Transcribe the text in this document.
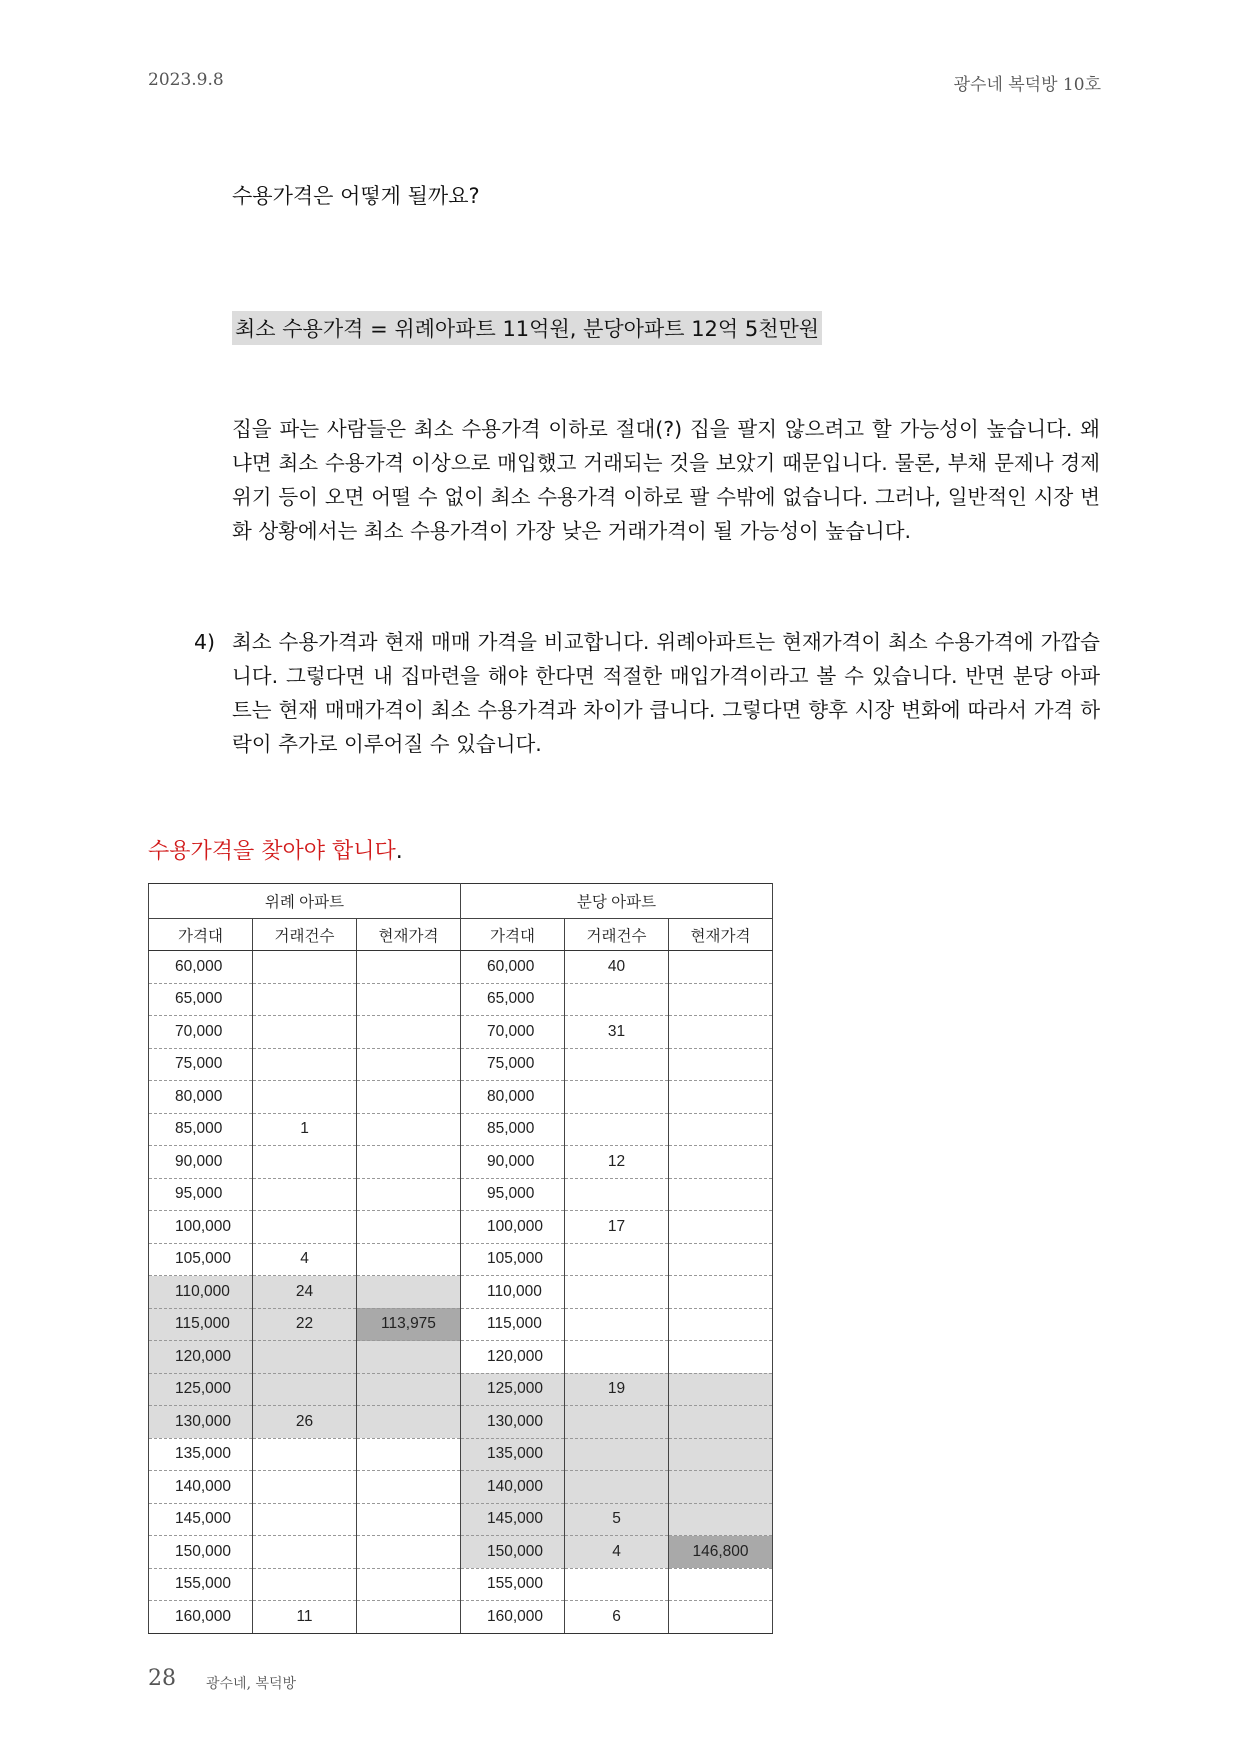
2023.9.8	광수네 복덕방 10호
수용가격은 어떻게 될까요?
최소 수용가격 = 위례아파트 11억원, 분당아파트 12억 5천만원
집을 파는 사람들은 최소 수용가격 이하로 절대(?) 집을 팔지 않으려고 할 가능성이 높습니다. 왜냐면 최소 수용가격 이상으로 매입했고 거래되는 것을 보았기 때문입니다. 물론, 부채 문제나 경제 위기 등이 오면 어떨 수 없이 최소 수용가격 이하로 팔 수밖에 없습니다. 그러나, 일반적인 시장 변화 상황에서는 최소 수용가격이 가장 낮은 거래가격이 될 가능성이 높습니다.
4) 최소 수용가격과 현재 매매 가격을 비교합니다. 위례아파트는 현재가격이 최소 수용가격에 가깝습니다. 그렇다면 내 집마련을 해야 한다면 적절한 매입가격이라고 볼 수 있습니다. 반면 분당 아파트는 현재 매매가격이 최소 수용가격과 차이가 큽니다. 그렇다면 향후 시장 변화에 따라서 가격 하락이 추가로 이루어질 수 있습니다.
수용가격을 찾아야 합니다.
위례 아파트			분당 아파트		
가격대	거래건수	현재가격	가격대	거래건수	현재가격
60,000			60,000	40	
65,000			65,000		
70,000			70,000	31	
75,000			75,000		
80,000			80,000		
85,000	1		85,000		
90,000			90,000	12	
95,000			95,000		
100,000			100,000	17	
105,000	4		105,000		
110,000	24		110,000		
115,000	22	113,975	115,000		
120,000			120,000		
125,000			125,000	19	
130,000	26		130,000		
135,000			135,000		
140,000			140,000		
145,000			145,000	5	
150,000			150,000	4	146,800
155,000			155,000		
160,000	11		160,000	6	
28 광수네, 복덕방
